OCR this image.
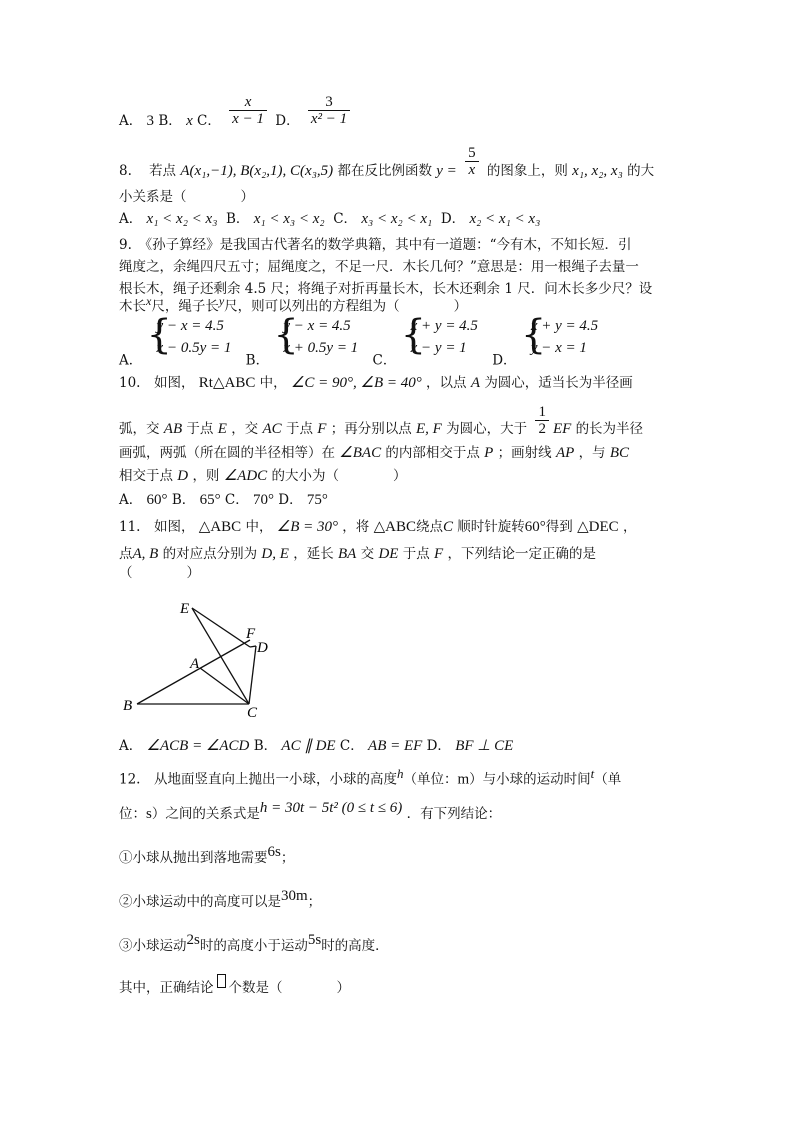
A． 3 B． x C． $\frac{x}{x - 1}$ D． $\frac{3}{\text{x² − 1}}$
8. 若点 A(x₁,−1), B(x₂,1), C(x₃,5) 都在反比例函数 $y = \frac{5}{x}$ 的图象上，则 x₁, x₂, x₃ 的大
小关系是（　　　　）
A． x₁ < x₂ < x₃ B． x₁ < x₃ < x₂ C． x₃ < x₂ < x₁ D． x₂ < x₁ < x₃
9.　《孙子算经》是我国古代著名的数学典籍，其中有一道题：“今有木，不知长短．引
绳度之，余绳四尺五寸；屈绳度之，不足一尺．木长几何？”意思是：用一根绳子去量一
根长木，绳子还剩余 4.5 尺；将绳子对折再量长木，长木还剩余 1 尺．问木长多少尺？设
木长$^x$尺，绳子长$^y$尺，则可以列出的方程组为（　　　　）
A．
{
y − x = 4.5
x − 0.5y = 1
B．
{
y − x = 4.5
x + 0.5y = 1
C．
{
x + y = 4.5
x − y = 1
D．
{
x + y = 4.5
y − x = 1
10.　如图， Rt△ABC 中， ∠C = 90°, ∠B = 40° ，以点 A 为圆心，适当长为半径画
弧，交 AB 于点 E ，交 AC 于点 F ；再分别以点 E, F 为圆心，大于 $\frac{1}{2}$ EF 的长为半径
画弧，两弧（所在圆的半径相等）在 ∠BAC 的内部相交于点 P ；画射线 AP ，与 BC
相交于点 D ，则 ∠ADC 的大小为（　　　　）
A． 60° B． 65° C． 70° D． 75°
11.　如图， △ABC 中， ∠B = 30° ，将 △ABC绕点C 顺时针旋转60°得到 △DEC ，
点A, B 的对应点分别为 D, E ，延长 BA 交 DE 于点 F ，下列结论一定正确的是
（　　　　）
E
F
D
A
B	C
A． ∠ACB = ∠ACD B． AC ∥ DE C． AB = EF D． BF ⊥ CE
12.　从地面竖直向上抛出一小球，小球的高度$^h$（单位：m）与小球的运动时间$^t$（单
位：s）之间的关系式是h = 30t − 5t² (0 ≤ t ≤ 6) ．有下列结论：
①小球从抛出到落地需要6s；
②小球运动中的高度可以是30m；
③小球运动2s时的高度小于运动5s时的高度．
其中，正确结论 个数是（　　　　）
